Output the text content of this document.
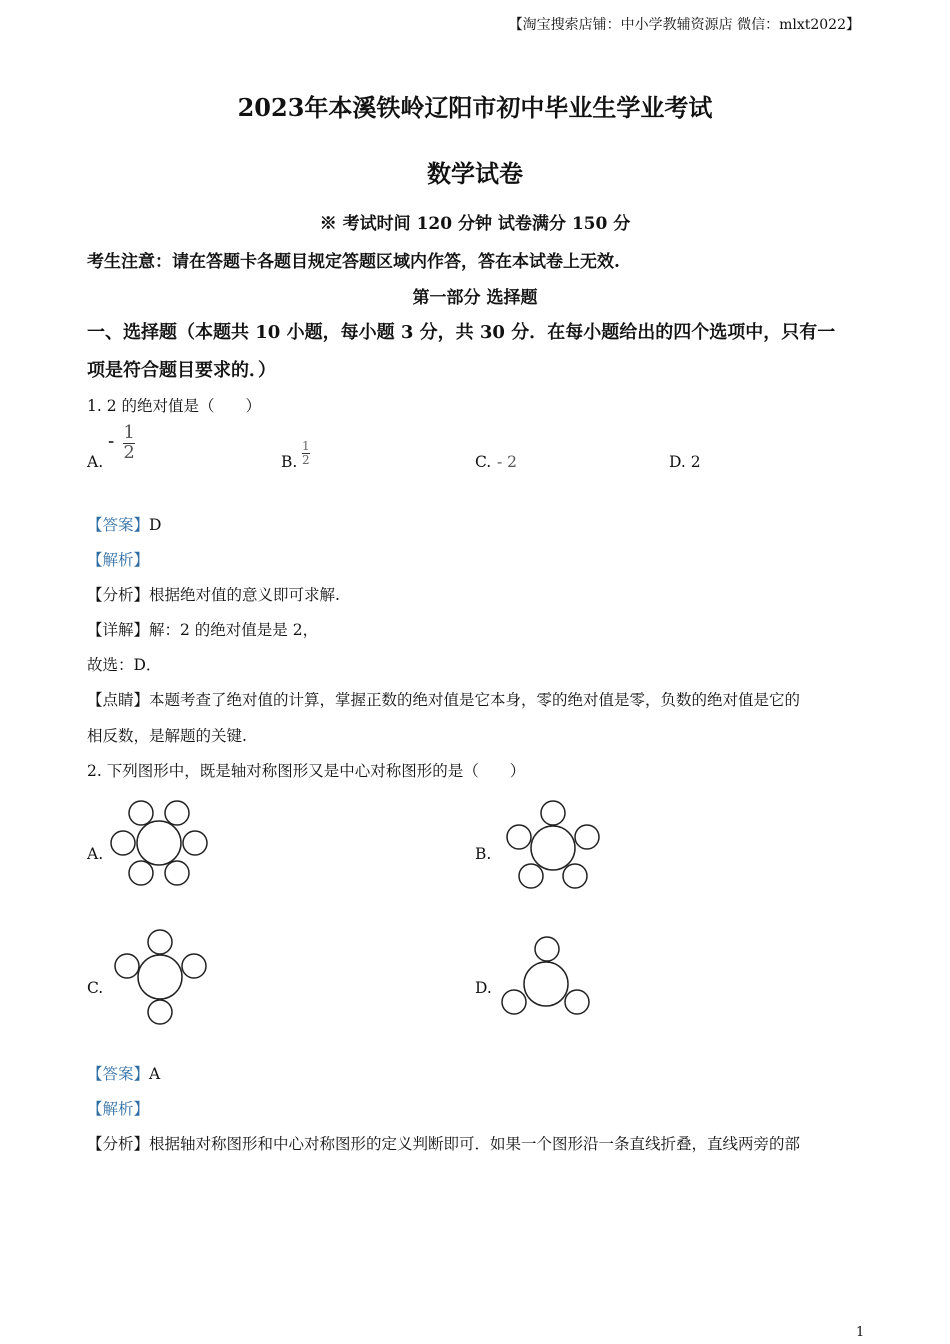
【淘宝搜索店铺：中小学教辅资源店 微信：mlxt2022】
2023年本溪铁岭辽阳市初中毕业生学业考试
数学试卷
※ 考试时间 120 分钟 试卷满分 150 分
考生注意：请在答题卡各题目规定答题区域内作答，答在本试卷上无效.
第一部分 选择题
一、选择题（本题共 10 小题，每小题 3 分，共 30 分．在每小题给出的四个选项中，只有一
项是符合题目要求的．）
1. 2 的绝对值是（　　）
A.
- $\frac{1}{2}$	B. $\frac{1}{2}$	C. - 2	D. 2
【答案】D
【解析】
【分析】根据绝对值的意义即可求解.
【详解】解：2 的绝对值是是 2，
故选：D．
【点睛】本题考查了绝对值的计算，掌握正数的绝对值是它本身，零的绝对值是零，负数的绝对值是它的
相反数，是解题的关键.
2. 下列图形中，既是轴对称图形又是中心对称图形的是（　　）
A.	B.
C.	D.
【答案】A
【解析】
【分析】根据轴对称图形和中心对称图形的定义判断即可．如果一个图形沿一条直线折叠，直线两旁的部
1
